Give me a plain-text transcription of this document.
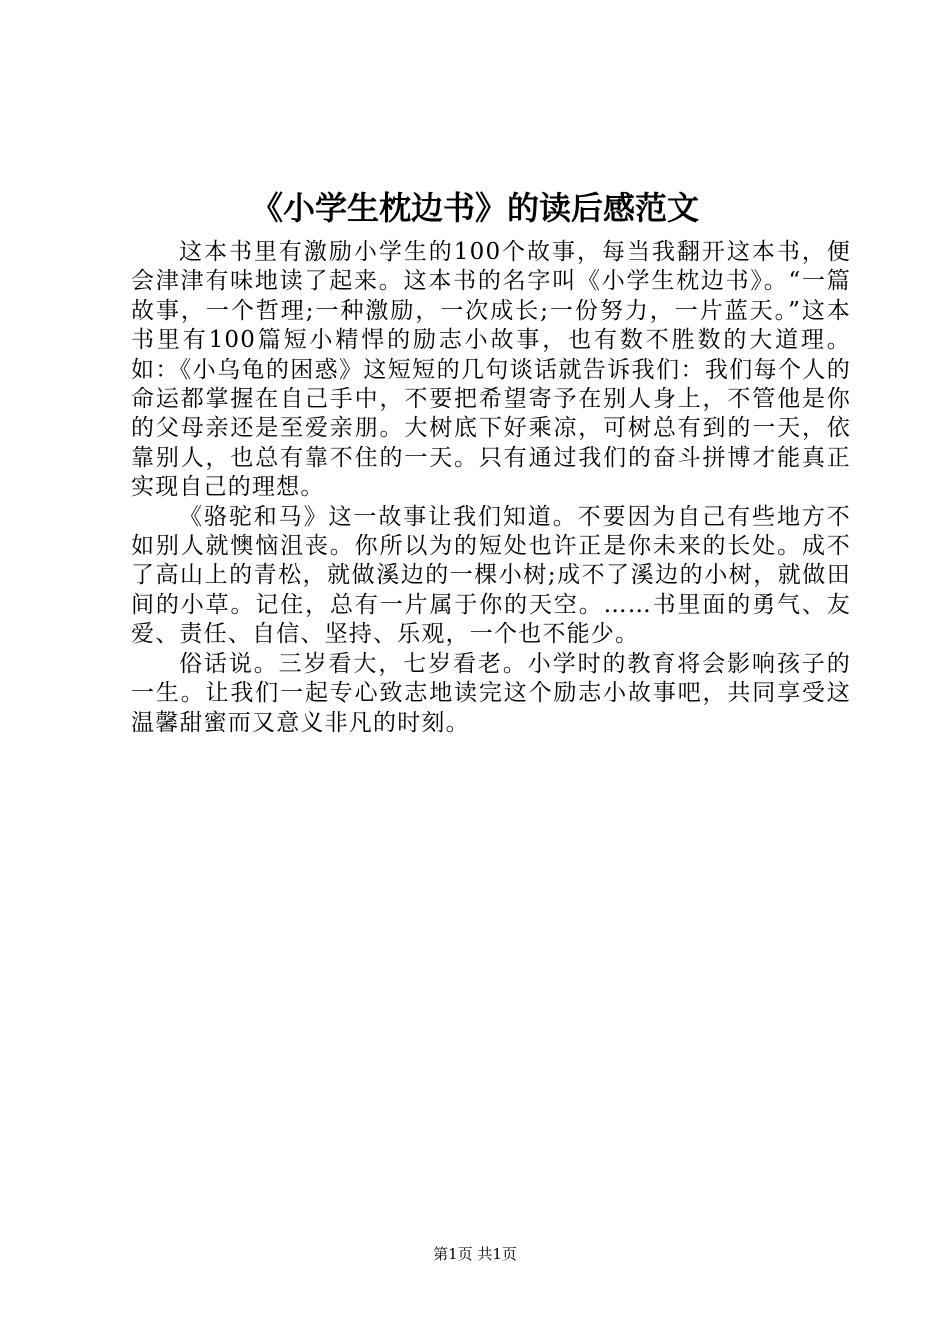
《小学生枕边书》的读后感范文

这本书里有激励小学生的100个故事，每当我翻开这本书，便会津津有味地读了起来。这本书的名字叫《小学生枕边书》。“一篇故事，一个哲理;一种激励，一次成长;一份努力，一片蓝天。”这本书里有100篇短小精悍的励志小故事，也有数不胜数的大道理。如：《小乌龟的困惑》这短短的几句谈话就告诉我们：我们每个人的命运都掌握在自己手中，不要把希望寄予在别人身上，不管他是你的父母亲还是至爱亲朋。大树底下好乘凉，可树总有到的一天，依靠别人，也总有靠不住的一天。只有通过我们的奋斗拼博才能真正实现自己的理想。

《骆驼和马》这一故事让我们知道。不要因为自己有些地方不如别人就懊恼沮丧。你所以为的短处也许正是你未来的长处。成不了高山上的青松，就做溪边的一棵小树;成不了溪边的小树，就做田间的小草。记住，总有一片属于你的天空。……书里面的勇气、友爱、责任、自信、坚持、乐观，一个也不能少。

俗话说。三岁看大，七岁看老。小学时的教育将会影响孩子的一生。让我们一起专心致志地读完这个励志小故事吧，共同享受这温馨甜蜜而又意义非凡的时刻。

第1页 共1页
